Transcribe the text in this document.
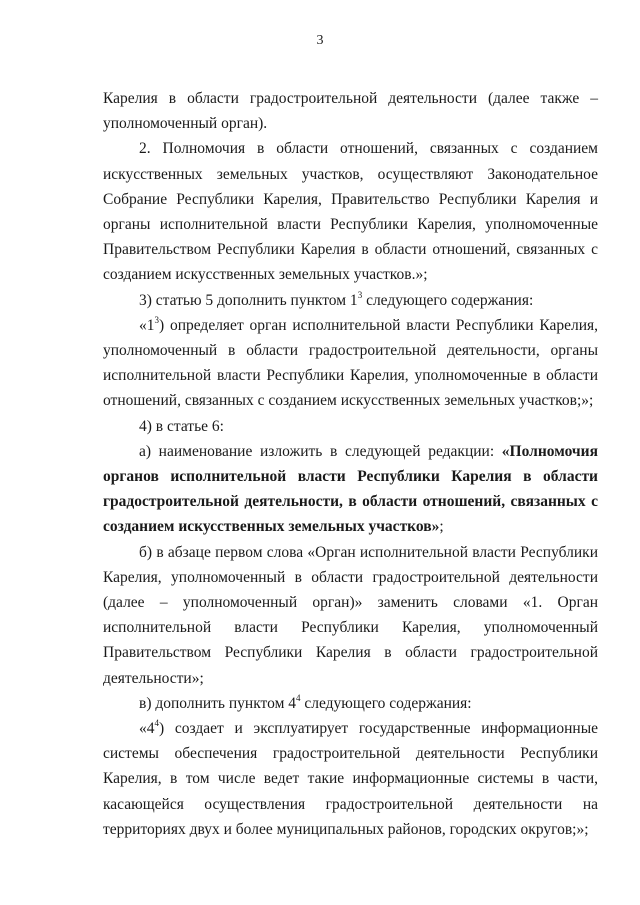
3

Карелия в области градостроительной деятельности (далее также – уполномоченный орган).

2. Полномочия в области отношений, связанных с созданием искусственных земельных участков, осуществляют Законодательное Собрание Республики Карелия, Правительство Республики Карелия и органы исполнительной власти Республики Карелия, уполномоченные Правительством Республики Карелия в области отношений, связанных с созданием искусственных земельных участков.»;

3) статью 5 дополнить пунктом $1^3$ следующего содержания:

«$1^3$) определяет орган исполнительной власти Республики Карелия, уполномоченный в области градостроительной деятельности, органы исполнительной власти Республики Карелия, уполномоченные в области отношений, связанных с созданием искусственных земельных участков;»;

4) в статье 6:

а) наименование изложить в следующей редакции: «Полномочия органов исполнительной власти Республики Карелия в области градостроительной деятельности, в области отношений, связанных с созданием искусственных земельных участков»;

б) в абзаце первом слова «Орган исполнительной власти Республики Карелия, уполномоченный в области градостроительной деятельности (далее – уполномоченный орган)» заменить словами «1. Орган исполнительной власти Республики Карелия, уполномоченный Правительством Республики Карелия в области градостроительной деятельности»;

в) дополнить пунктом $4^4$ следующего содержания:

«$4^4$) создает и эксплуатирует государственные информационные системы обеспечения градостроительной деятельности Республики Карелия, в том числе ведет такие информационные системы в части, касающейся осуществления градостроительной деятельности на территориях двух и более муниципальных районов, городских округов;»;
